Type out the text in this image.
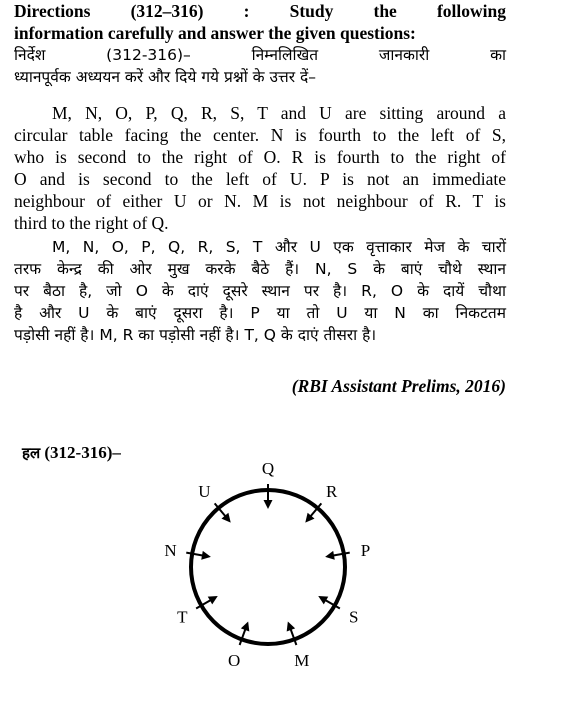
Directions (312–316) : Study the following
information carefully and answer the given questions:
निर्देश (312-316)– निम्नलिखित जानकारी का
ध्यानपूर्वक अध्ययन करें और दिये गये प्रश्नों के उत्तर दें–
M, N, O, P, Q, R, S, T and U are sitting around a
circular table facing the center. N is fourth to the left of S,
who is second to the right of O. R is fourth to the right of
O and is second to the left of U. P is not an immediate
neighbour of either U or N. M is not neighbour of R. T is
third to the right of Q.
M, N, O, P, Q, R, S, T और U एक वृत्ताकार मेज के चारों
तरफ केन्द्र की ओर मुख करके बैठे हैं। N, S के बाएं चौथे स्थान
पर बैठा है, जो O के दाएं दूसरे स्थान पर है। R, O के दायें चौथा
है और U के बाएं दूसरा है। P या तो U या N का निकटतम
पड़ोसी नहीं है। M, R का पड़ोसी नहीं है। T, Q के दाएं तीसरा है।
(RBI Assistant Prelims, 2016)
हल (312-316)–
Q
R
P
S
M
O
T
N
U
